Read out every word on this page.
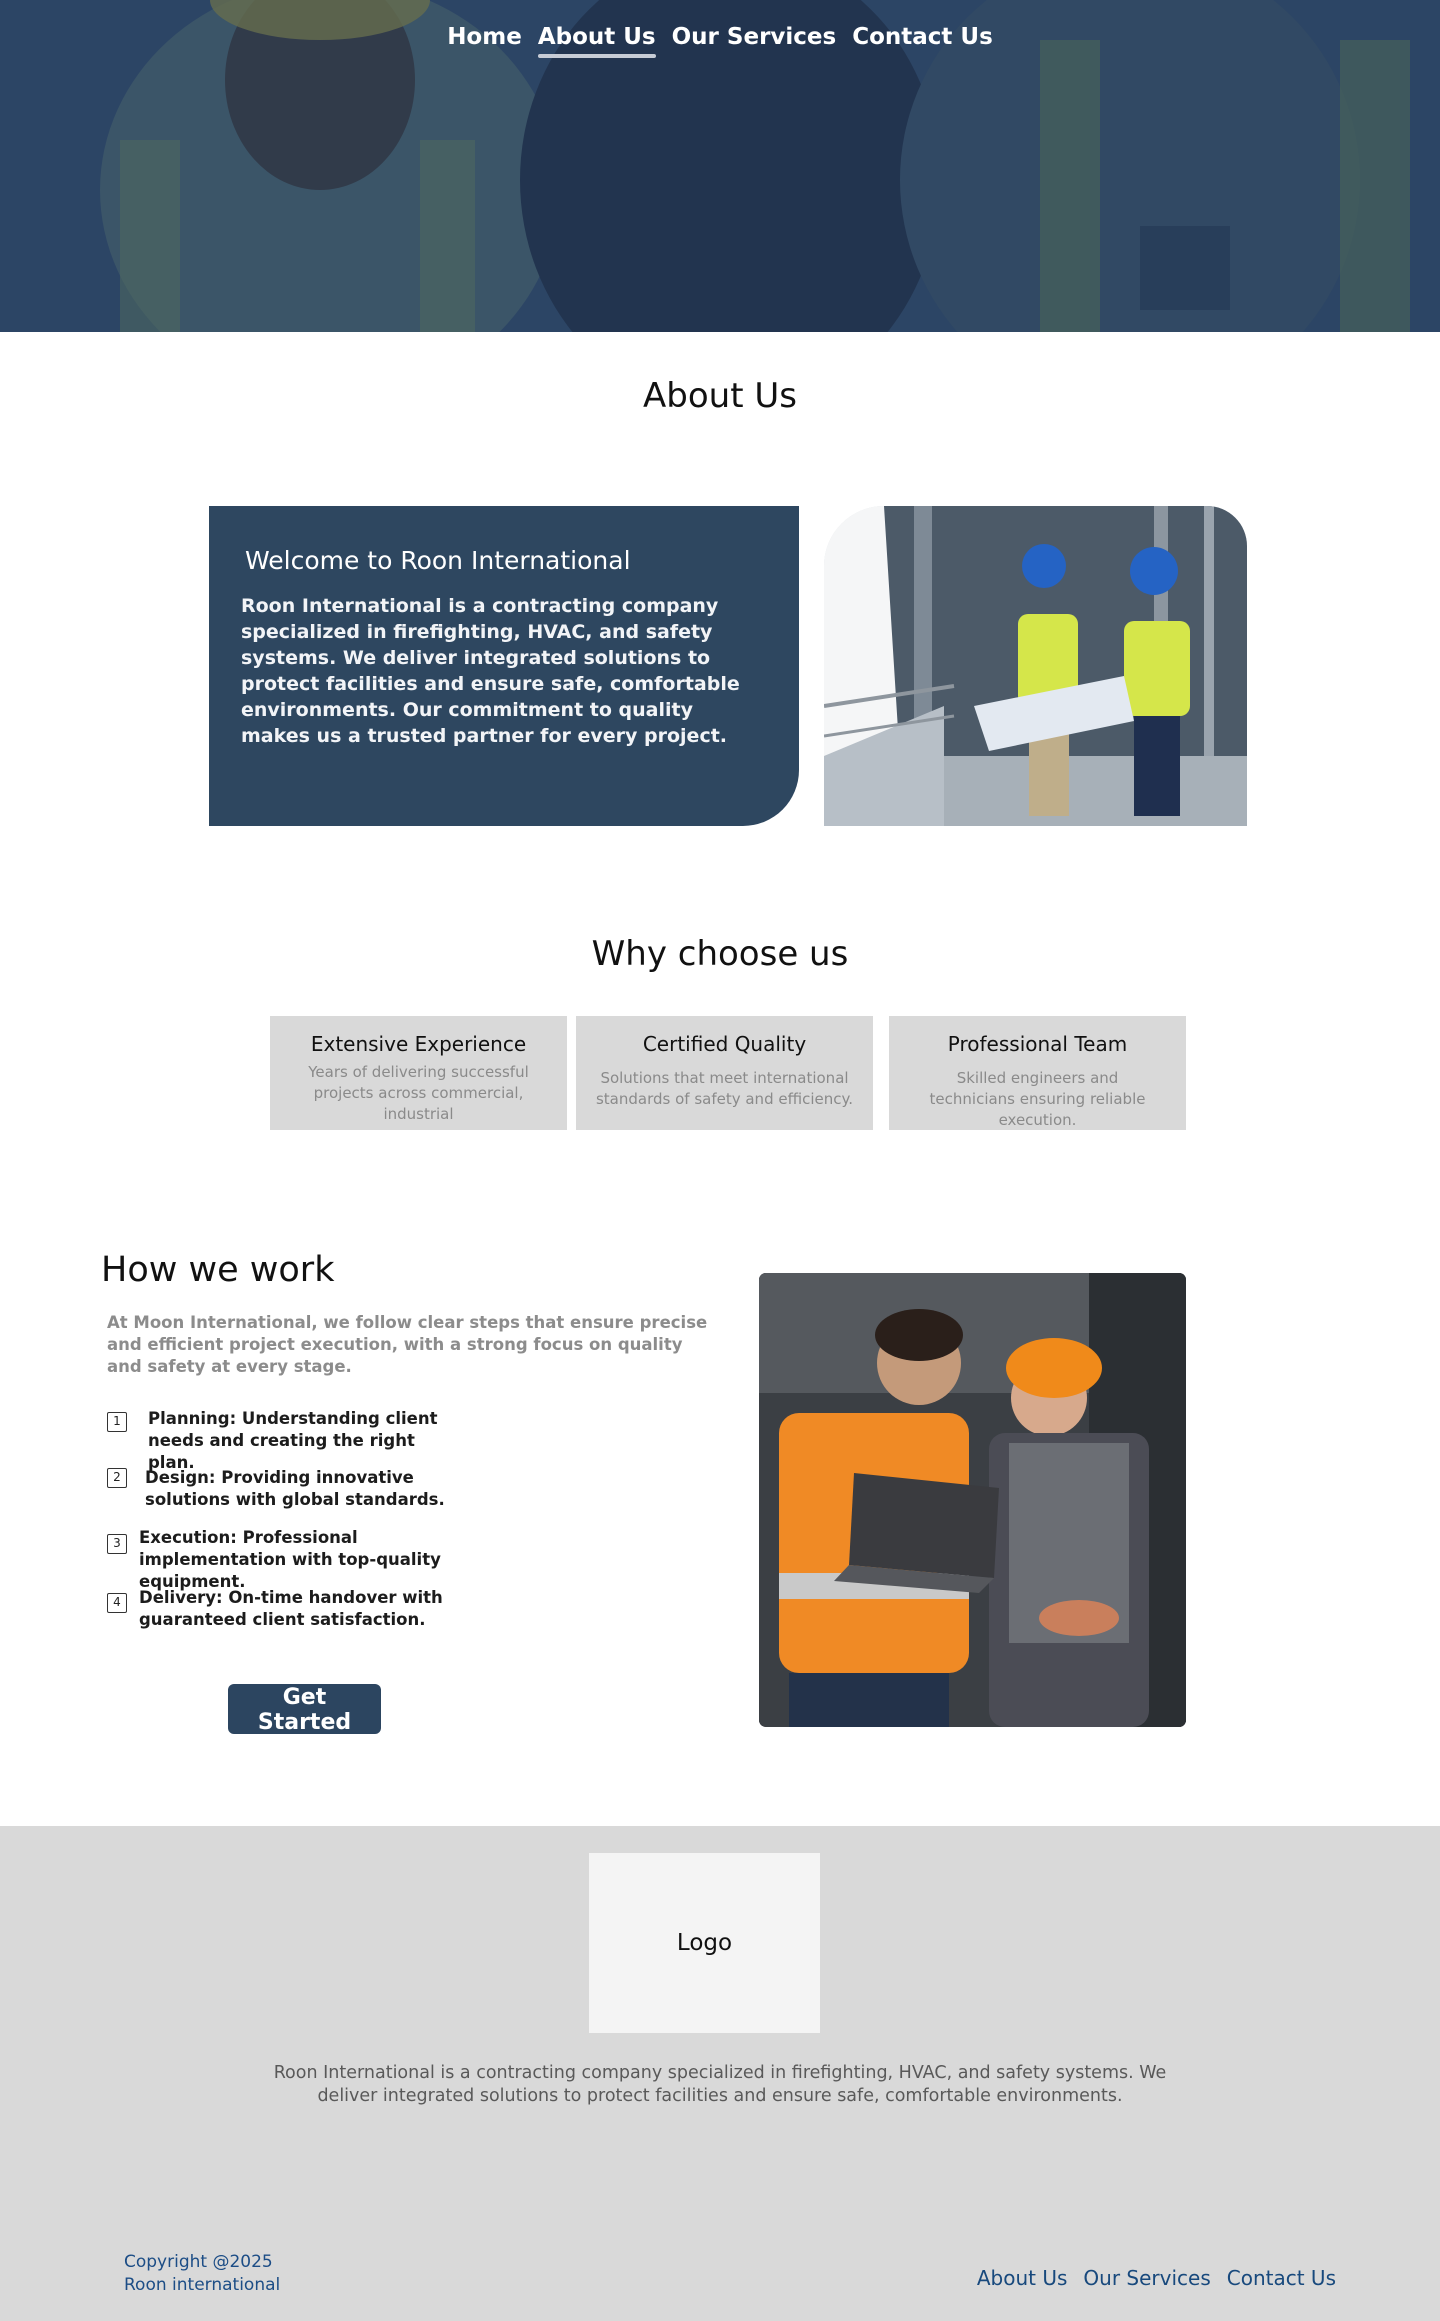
Home About Us Our Services Contact Us
About Us
Welcome to Roon International

Roon International is a contracting company specialized in firefighting, HVAC, and safety systems. We deliver integrated solutions to protect facilities and ensure safe, comfortable environments. Our commitment to quality makes us a trusted partner for every project.

Why choose us
Extensive Experience

Years of delivering successful projects across commercial, industrial

Certified Quality

Solutions that meet international standards of safety and efficiency.

Professional Team

Skilled engineers and technicians ensuring reliable execution.

How we work

At Moon International, we follow clear steps that ensure precise and efficient project execution, with a strong focus on quality and safety at every stage.

1	Planning: Understanding client needs and creating the right plan.
2	Design: Providing innovative solutions with global standards.
3	Execution: Professional implementation with top-quality equipment.
4	Delivery: On-time handover with guaranteed client satisfaction.
Get Started
Logo

Roon International is a contracting company specialized in firefighting, HVAC, and safety systems. We deliver integrated solutions to protect facilities and ensure safe, comfortable environments.

Copyright @2025
Roon international	About Us Our Services Contact Us
